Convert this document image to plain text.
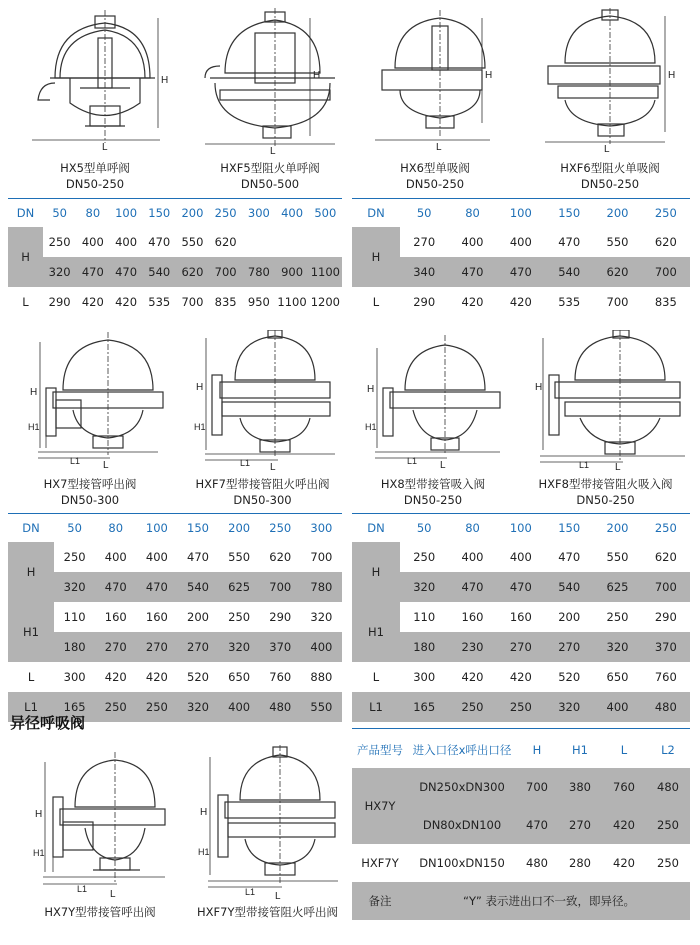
L
H
L
H
L
H
L
H
HX5型单呼阀
DN50-250
HXF5型阻火单呼阀
DN50-500
HX6型单吸阀
DN50-250
HXF6型阻火单吸阀
DN50-250
DN	50	80	100	150	200	250	300	400	500
H	250	400	400	470	550	620			
	320	470	470	540	620	700	780	900	1100
L	290	420	420	535	700	835	950	1100	1200
DN	50	80	100	150	200	250
H	270	400	400	470	550	620
	340	470	470	540	620	700
L	290	420	420	535	700	835
L
L1
H
H1
L
L1
H
H1
L
L1
H
H1
L
L1
H
HX7型接管呼出阀
DN50-300
HXF7型带接管阻火呼出阀
DN50-300
HX8型带接管吸入阀
DN50-250
HXF8型带接管阻火吸入阀
DN50-250
DN	50	80	100	150	200	250	300
H	250	400	400	470	550	620	700
	320	470	470	540	625	700	780
H1	110	160	160	200	250	290	320
	180	270	270	270	320	370	400
L	300	420	420	520	650	760	880
L1	165	250	250	320	400	480	550
DN	50	80	100	150	200	250
H	250	400	400	470	550	620
	320	470	470	540	625	700
H1	110	160	160	200	250	290
	180	230	270	270	320	370
L	300	420	420	520	650	760
L1	165	250	250	320	400	480
异径呼吸阀
L
L1
H
H1
L
L1
H
H1
HX7Y型带接管呼出阀	HXF7Y型带接管阻火呼出阀
产品型号	进入口径x呼出口径	H	H1	L	L2
HX7Y	DN250xDN300	700	380	760	480
	DN80xDN100	470	270	420	250
HXF7Y	DN100xDN150	480	280	420	250
备注	“Y” 表示进出口不一致，即异径。				
